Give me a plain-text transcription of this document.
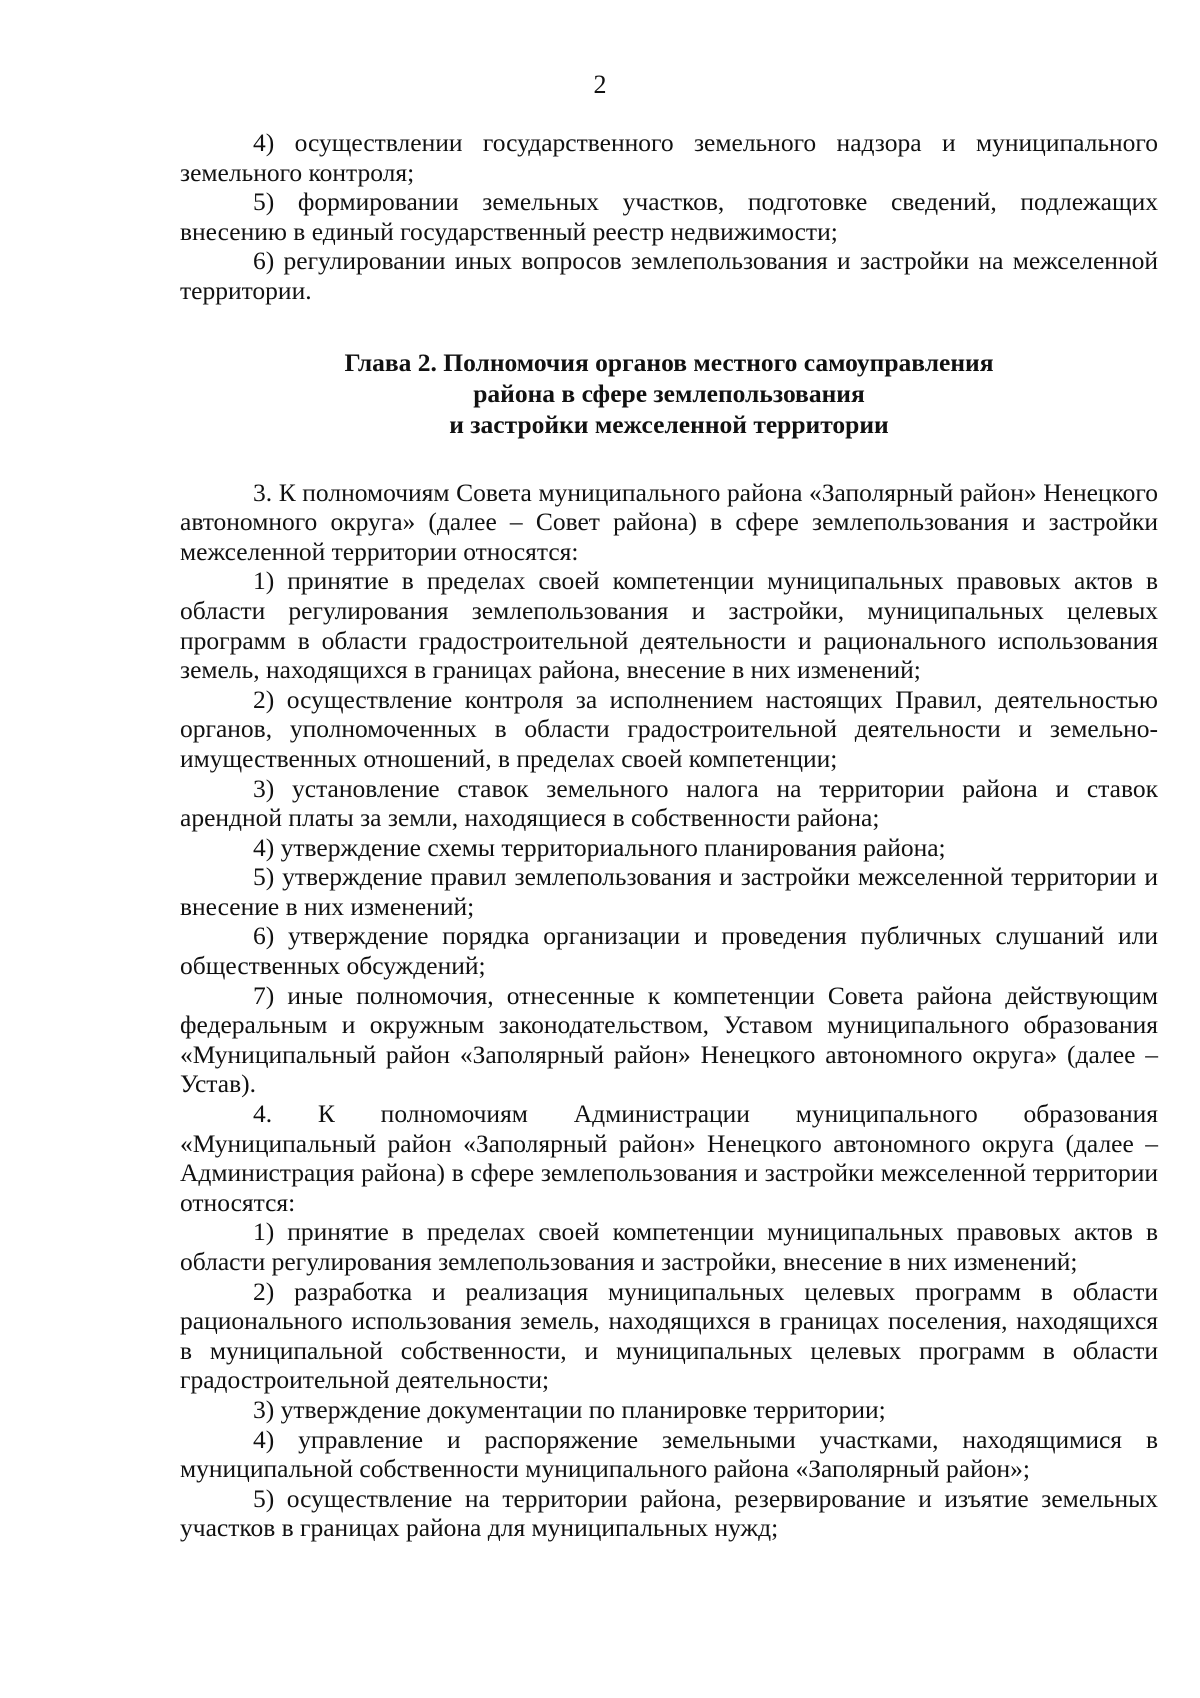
2

4) осуществлении государственного земельного надзора и муниципального земельного контроля;

5) формировании земельных участков, подготовке сведений, подлежащих внесению в единый государственный реестр недвижимости;

6) регулировании иных вопросов землепользования и застройки на межселенной территории.

Глава 2. Полномочия органов местного самоуправления
района в сфере землепользования
и застройки межселенной территории

3. К полномочиям Совета муниципального района «Заполярный район» Ненецкого автономного округа» (далее – Совет района) в сфере землепользования и застройки межселенной территории относятся:

1) принятие в пределах своей компетенции муниципальных правовых актов в области регулирования землепользования и застройки, муниципальных целевых программ в области градостроительной деятельности и рационального использования земель, находящихся в границах района, внесение в них изменений;

2) осуществление контроля за исполнением настоящих Правил, деятельностью органов, уполномоченных в области градостроительной деятельности и земельно-имущественных отношений, в пределах своей компетенции;

3) установление ставок земельного налога на территории района и ставок арендной платы за земли, находящиеся в собственности района;

4) утверждение схемы территориального планирования района;

5) утверждение правил землепользования и застройки межселенной территории и внесение в них изменений;

6) утверждение порядка организации и проведения публичных слушаний или общественных обсуждений;

7) иные полномочия, отнесенные к компетенции Совета района действующим федеральным и окружным законодательством, Уставом муниципального образования «Муниципальный район «Заполярный район» Ненецкого автономного округа» (далее – Устав).

4. К полномочиям Администрации муниципального образования «Муниципальный район «Заполярный район» Ненецкого автономного округа (далее – Администрация района) в сфере землепользования и застройки межселенной территории относятся:

1) принятие в пределах своей компетенции муниципальных правовых актов в области регулирования землепользования и застройки, внесение в них изменений;

2) разработка и реализация муниципальных целевых программ в области рационального использования земель, находящихся в границах поселения, находящихся в муниципальной собственности, и муниципальных целевых программ в области градостроительной деятельности;

3) утверждение документации по планировке территории;

4) управление и распоряжение земельными участками, находящимися в муниципальной собственности муниципального района «Заполярный район»;

5) осуществление на территории района, резервирование и изъятие земельных участков в границах района для муниципальных нужд;
